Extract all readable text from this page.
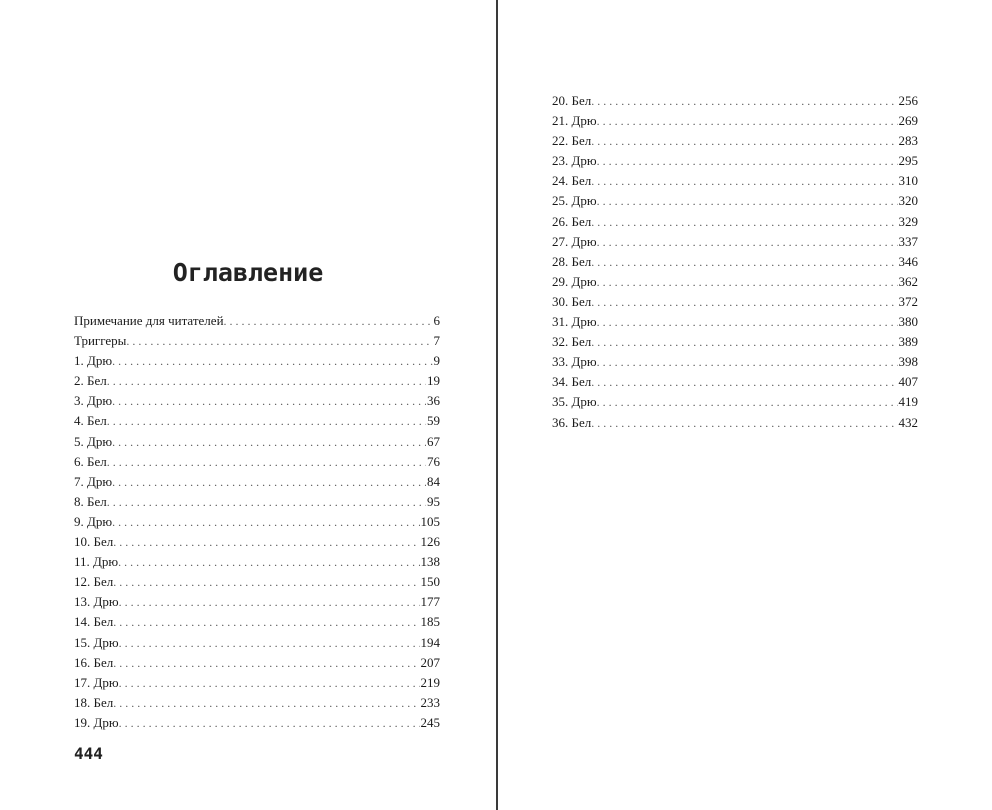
Оглавление
Примечание для читателей . . .	6
Триггеры . . .	7
1. Дрю . . .	9
2. Бел . . .	19
3. Дрю . . .	36
4. Бел . . .	59
5. Дрю . . .	67
6. Бел . . .	76
7. Дрю . . .	84
8. Бел . . .	95
9. Дрю . . .	105
10. Бел . . .	126
11. Дрю . . .	138
12. Бел . . .	150
13. Дрю . . .	177
14. Бел . . .	185
15. Дрю . . .	194
16. Бел . . .	207
17. Дрю . . .	219
18. Бел . . .	233
19. Дрю . . .	245
444
20. Бел . . .	256
21. Дрю . . .	269
22. Бел . . .	283
23. Дрю . . .	295
24. Бел . . .	310
25. Дрю . . .	320
26. Бел . . .	329
27. Дрю . . .	337
28. Бел . . .	346
29. Дрю . . .	362
30. Бел . . .	372
31. Дрю . . .	380
32. Бел . . .	389
33. Дрю . . .	398
34. Бел . . .	407
35. Дрю . . .	419
36. Бел . . .	432
